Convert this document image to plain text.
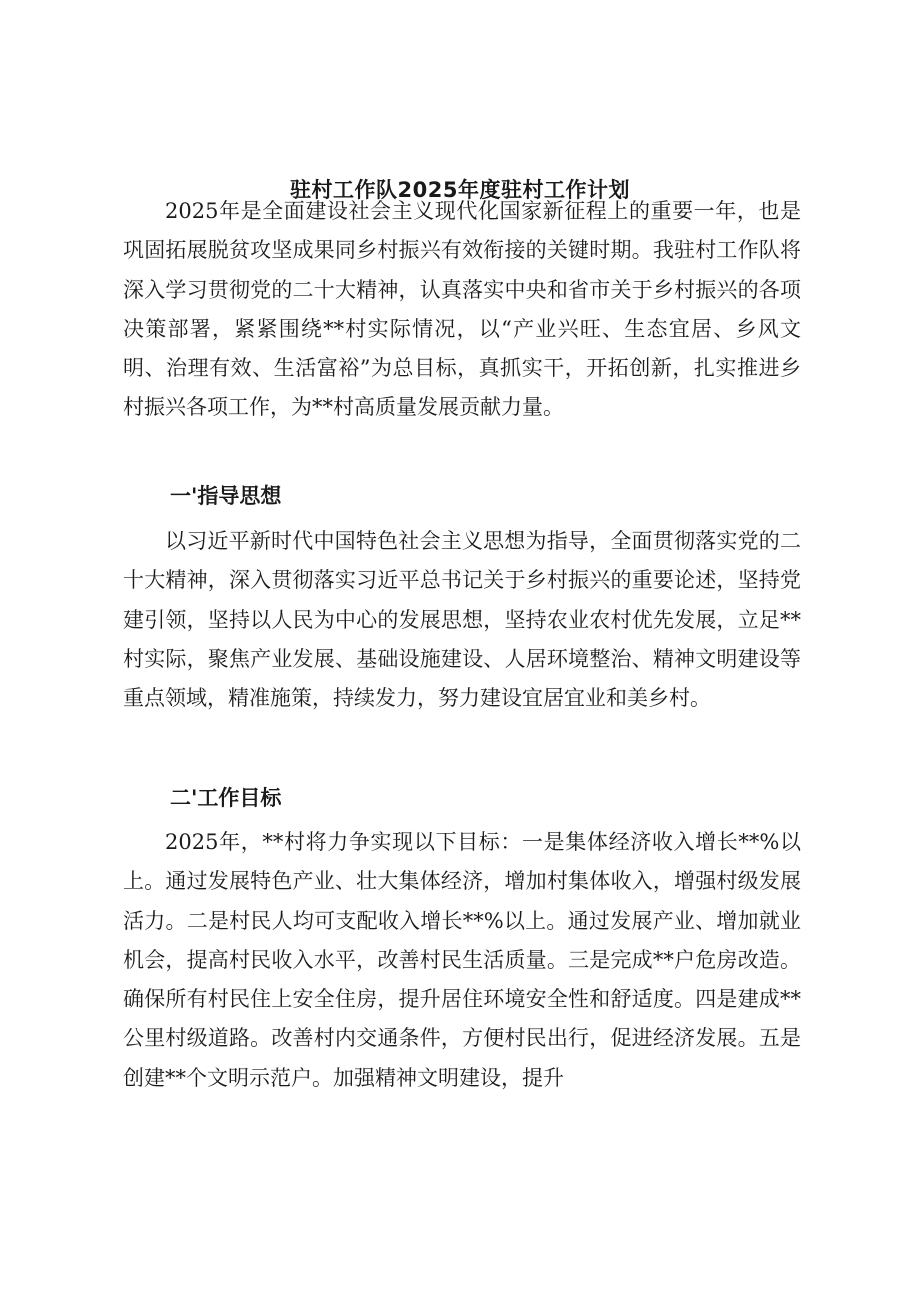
驻村工作队2025年度驻村工作计划

2025年是全面建设社会主义现代化国家新征程上的重要一年，也是巩固拓展脱贫攻坚成果同乡村振兴有效衔接的关键时期。我驻村工作队将深入学习贯彻党的二十大精神，认真落实中央和省市关于乡村振兴的各项决策部署，紧紧围绕**村实际情况，以“产业兴旺、生态宜居、乡风文明、治理有效、生活富裕”为总目标，真抓实干，开拓创新，扎实推进乡村振兴各项工作，为**村高质量发展贡献力量。

一'指导思想

以习近平新时代中国特色社会主义思想为指导，全面贯彻落实党的二十大精神，深入贯彻落实习近平总书记关于乡村振兴的重要论述，坚持党建引领，坚持以人民为中心的发展思想，坚持农业农村优先发展，立足**村实际，聚焦产业发展、基础设施建设、人居环境整治、精神文明建设等重点领域，精准施策，持续发力，努力建设宜居宜业和美乡村。

二'工作目标

2025年，**村将力争实现以下目标：一是集体经济收入增长**%以上。通过发展特色产业、壮大集体经济，增加村集体收入，增强村级发展活力。二是村民人均可支配收入增长**%以上。通过发展产业、增加就业机会，提高村民收入水平，改善村民生活质量。三是完成**户危房改造。确保所有村民住上安全住房，提升居住环境安全性和舒适度。四是建成**公里村级道路。改善村内交通条件，方便村民出行，促进经济发展。五是创建**个文明示范户。加强精神文明建设，提升
